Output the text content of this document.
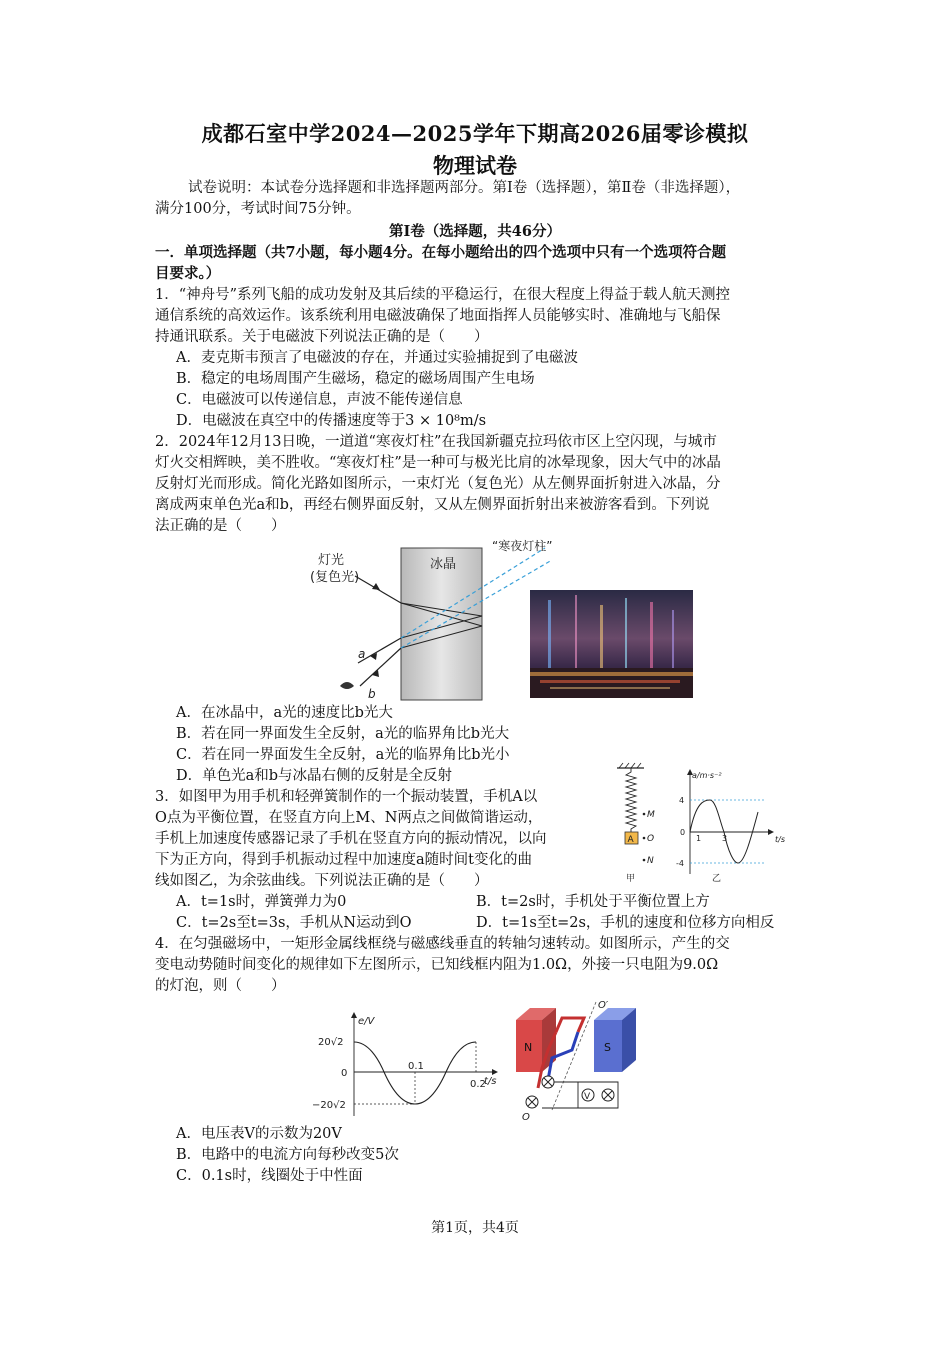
成都石室中学2024—2025学年下期高2026届零诊模拟
物理试卷
试卷说明：本试卷分选择题和非选择题两部分。第Ⅰ卷（选择题），第Ⅱ卷（非选择题），
满分100分，考试时间75分钟。
第Ⅰ卷（选择题，共46分）
一．单项选择题（共7小题，每小题4分。在每小题给出的四个选项中只有一个选项符合题
目要求。）
1．“神舟号”系列飞船的成功发射及其后续的平稳运行，在很大程度上得益于载人航天测控
通信系统的高效运作。该系统利用电磁波确保了地面指挥人员能够实时、准确地与飞船保
持通讯联系。关于电磁波下列说法正确的是（　　）
A．麦克斯韦预言了电磁波的存在，并通过实验捕捉到了电磁波
B．稳定的电场周围产生磁场，稳定的磁场周围产生电场
C．电磁波可以传递信息，声波不能传递信息
D．电磁波在真空中的传播速度等于3 × 10⁸m/s
2．2024年12月13日晚，一道道“寒夜灯柱”在我国新疆克拉玛依市区上空闪现，与城市
灯火交相辉映，美不胜收。“寒夜灯柱”是一种可与极光比肩的冰晕现象，因大气中的冰晶
反射灯光而形成。简化光路如图所示，一束灯光（复色光）从左侧界面折射进入冰晶，分
离成两束单色光a和b，再经右侧界面反射，又从左侧界面折射出来被游客看到。下列说
法正确的是（　　）
冰晶
灯光
(复色光)
“寒夜灯柱”
a
b
A．在冰晶中，a光的速度比b光大
B．若在同一界面发生全反射，a光的临界角比b光大
C．若在同一界面发生全反射，a光的临界角比b光小
D．单色光a和b与冰晶右侧的反射是全反射
3．如图甲为用手机和轻弹簧制作的一个振动装置，手机A以
O点为平衡位置，在竖直方向上M、N两点之间做简谐运动，
手机上加速度传感器记录了手机在竖直方向的振动情况，以向
下为正方向，得到手机振动过程中加速度a随时间t变化的曲
线如图乙，为余弦曲线。下列说法正确的是（　　）
A
M
O
N
甲
a/m·s⁻²
t/s
4
-4
0
1	3
乙
A．t=1s时，弹簧弹力为0	B．t=2s时，手机处于平衡位置上方
C．t=2s至t=3s，手机从N运动到O	D．t=1s至t=2s，手机的速度和位移方向相反
4．在匀强磁场中，一矩形金属线框绕与磁感线垂直的转轴匀速转动。如图所示，产生的交
变电动势随时间变化的规律如下左图所示，已知线框内阻为1.0Ω，外接一只电阻为9.0Ω
的灯泡，则（　　）
e/V
t/s
20√2
−20√2
0
0.1
0.2
N	S
O′
O
V
A．电压表V的示数为20V
B．电路中的电流方向每秒改变5次
C．0.1s时，线圈处于中性面
第1页，共4页
